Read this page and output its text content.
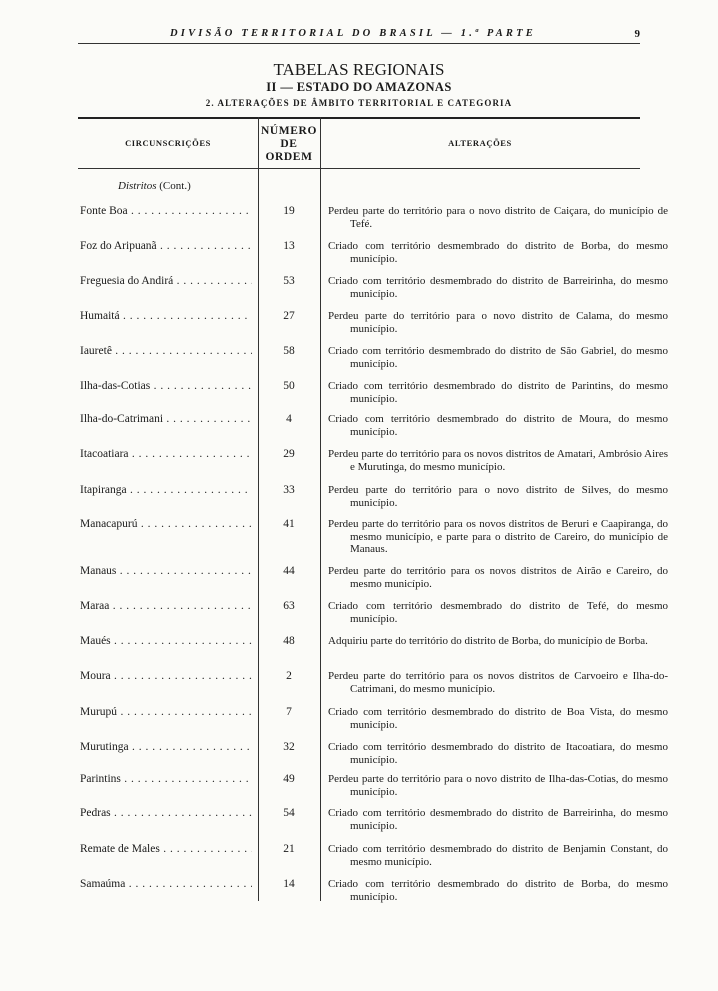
DIVISÃO TERRITORIAL DO BRASIL — 1.ª PARTE	9
TABELAS REGIONAIS
II — ESTADO DO AMAZONAS
2. ALTERAÇÕES DE ÂMBITO TERRITORIAL E CATEGORIA
CIRCUNSCRIÇÕES
NÚMERO
DE
ORDEM
ALTERAÇÕES
Distritos (Cont.)
Fonte Boa . . .	19	Perdeu parte do território para o novo distrito de Caiçara, do município de Tefé.
Foz do Aripuanã . . .	13	Criado com território desmembrado do distrito de Borba, do mesmo município.
Freguesia do Andirá . . .	53	Criado com território desmembrado do distrito de Barreirinha, do mesmo município.
Humaitá . . .	27	Perdeu parte do território para o novo distrito de Calama, do mesmo município.
Iauretê . . .	58	Criado com território desmembrado do distrito de São Gabriel, do mesmo município.
Ilha-das-Cotias . . .	50	Criado com território desmembrado do distrito de Parintins, do mesmo município.
Ilha-do-Catrimani . . .	4	Criado com território desmembrado do distrito de Moura, do mesmo município.
Itacoatiara . . .	29	Perdeu parte do território para os novos distritos de Amatari, Ambrósio Aires e Murutinga, do mesmo município.
Itapiranga . . .	33	Perdeu parte do território para o novo distrito de Silves, do mesmo município.
Manacapurú . . .	41	Perdeu parte do território para os novos distritos de Beruri e Caapiranga, do mesmo município, e parte para o distrito de Careiro, do município de Manaus.
Manaus . . .	44	Perdeu parte do território para os novos distritos de Airão e Careiro, do mesmo município.
Maraa . . .	63	Criado com território desmembrado do distrito de Tefé, do mesmo município.
Maués . . .	48	Adquiriu parte do território do distrito de Borba, do município de Borba.
Moura . . .	2	Perdeu parte do território para os novos distritos de Carvoeiro e Ilha-do-Catrimani, do mesmo município.
Murupú . . .	7	Criado com território desmembrado do distrito de Boa Vista, do mesmo município.
Murutinga . . .	32	Criado com território desmembrado do distrito de Itacoatiara, do mesmo município.
Parintins . . .	49	Perdeu parte do território para o novo distrito de Ilha-das-Cotias, do mesmo município.
Pedras . . .	54	Criado com território desmembrado do distrito de Barreirinha, do mesmo município.
Remate de Males . . .	21	Criado com território desmembrado do distrito de Benjamin Constant, do mesmo município.
Samaúma . . .	14	Criado com território desmembrado do distrito de Borba, do mesmo município.
